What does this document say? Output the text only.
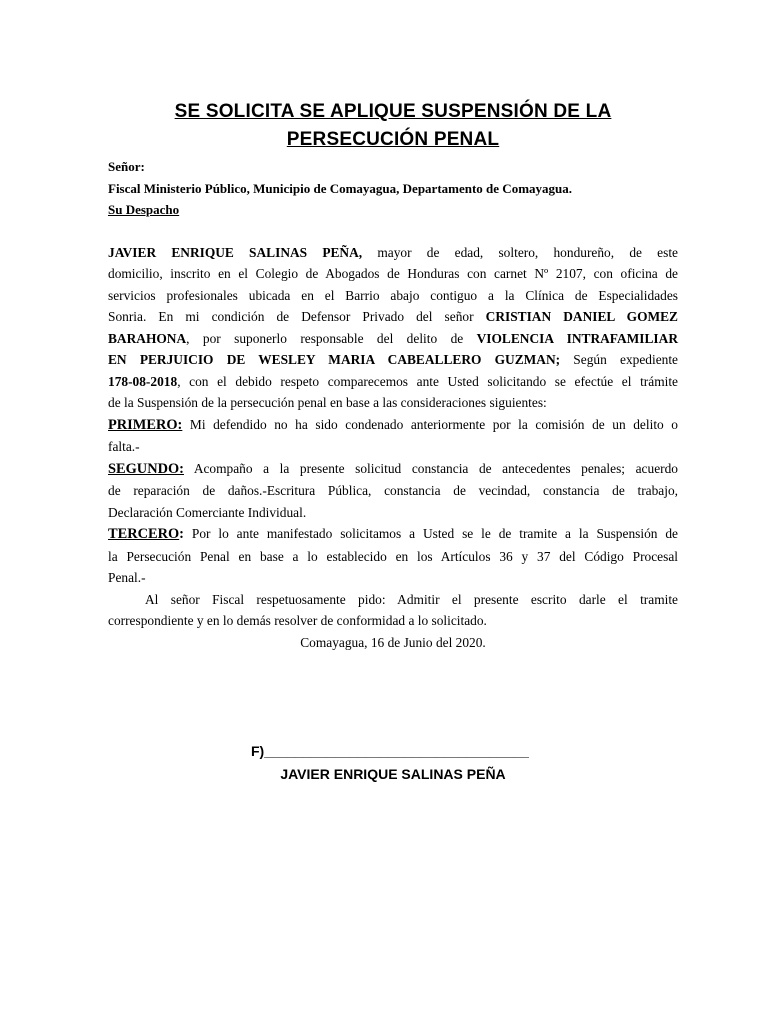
SE SOLICITA SE APLIQUE SUSPENSIÓN DE LA
PERSECUCIÓN PENAL
Señor:
Fiscal Ministerio Público, Municipio de Comayagua, Departamento de Comayagua.
Su Despacho
JAVIER ENRIQUE SALINAS PEÑA, mayor de edad, soltero, hondureño, de este
domicilio, inscrito en el Colegio de Abogados de Honduras con carnet Nº 2107, con oficina de
servicios profesionales ubicada en el Barrio abajo contiguo a la Clínica de Especialidades
Sonria. En mi condición de Defensor Privado del señor CRISTIAN DANIEL GOMEZ
BARAHONA, por suponerlo responsable del delito de VIOLENCIA INTRAFAMILIAR
EN PERJUICIO DE WESLEY MARIA CABEALLERO GUZMAN; Según expediente
178-08-2018, con el debido respeto comparecemos ante Usted solicitando se efectúe el trámite
de la Suspensión de la persecución penal en base a las consideraciones siguientes:
PRIMERO: Mi defendido no ha sido condenado anteriormente por la comisión de un delito o
falta.-
SEGUNDO: Acompaño a la presente solicitud constancia de antecedentes penales; acuerdo
de reparación de daños.-Escritura Pública, constancia de vecindad, constancia de trabajo,
Declaración Comerciante Individual.
TERCERO: Por lo ante manifestado solicitamos a Usted se le de tramite a la Suspensión de
la Persecución Penal en base a lo establecido en los Artículos 36 y 37 del Código Procesal
Penal.-
Al señor Fiscal respetuosamente pido: Admitir el presente escrito darle el tramite
correspondiente y en lo demás resolver de conformidad a lo solicitado.
Comayagua, 16 de Junio del 2020.
F)__________________________________
JAVIER ENRIQUE SALINAS PEÑA
